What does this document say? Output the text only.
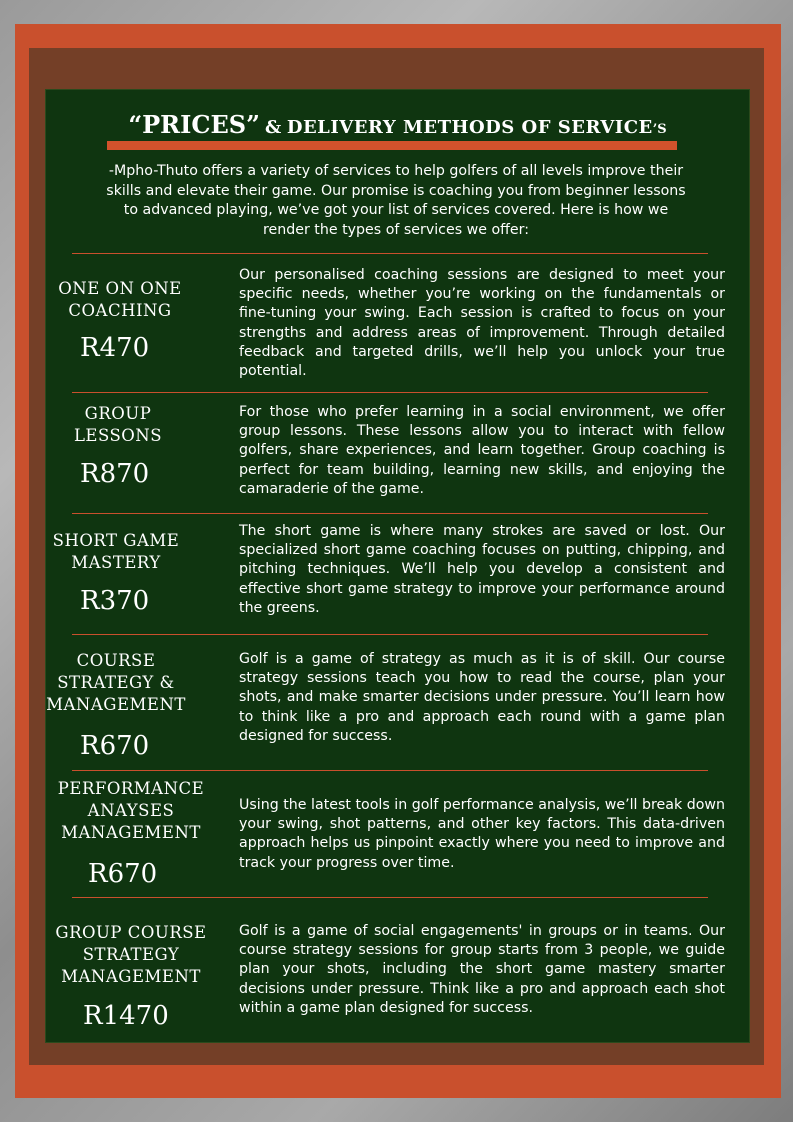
“PRICES” & DELIVERY METHODS OF SERVICE’S
-Mpho-Thuto offers a variety of services to help golfers of all levels improve their skills and elevate their game. Our promise is coaching you from beginner lessons to advanced playing, we’ve got your list of services covered. Here is how we render the types of services we offer:
ONE ON ONE
COACHING
R470
Our personalised coaching sessions are designed to meet your specific needs, whether you’re working on the fundamentals or fine-tuning your swing. Each session is crafted to focus on your strengths and address areas of improvement. Through detailed feedback and targeted drills, we’ll help you unlock your true potential.
GROUP
LESSONS
R870
For those who prefer learning in a social environment, we offer group lessons. These lessons allow you to interact with fellow golfers, share experiences, and learn together. Group coaching is perfect for team building, learning new skills, and enjoying the camaraderie of the game.
SHORT GAME
MASTERY
R370
The short game is where many strokes are saved or lost. Our specialized short game coaching focuses on putting, chipping, and pitching techniques. We’ll help you develop a consistent and effective short game strategy to improve your performance around the greens.
COURSE
STRATEGY &
MANAGEMENT
R670
Golf is a game of strategy as much as it is of skill. Our course strategy sessions teach you how to read the course, plan your shots, and make smarter decisions under pressure. You’ll learn how to think like a pro and approach each round with a game plan designed for success.
PERFORMANCE
ANAYSES
MANAGEMENT
R670
Using the latest tools in golf performance analysis, we’ll break down your swing, shot patterns, and other key factors. This data-driven approach helps us pinpoint exactly where you need to improve and track your progress over time.
GROUP COURSE
STRATEGY
MANAGEMENT
R1470
Golf is a game of social engagements' in groups or in teams. Our course strategy sessions for group starts from 3 people, we guide plan your shots, including the short game mastery smarter decisions under pressure. Think like a pro and approach each shot within a game plan designed for success.
